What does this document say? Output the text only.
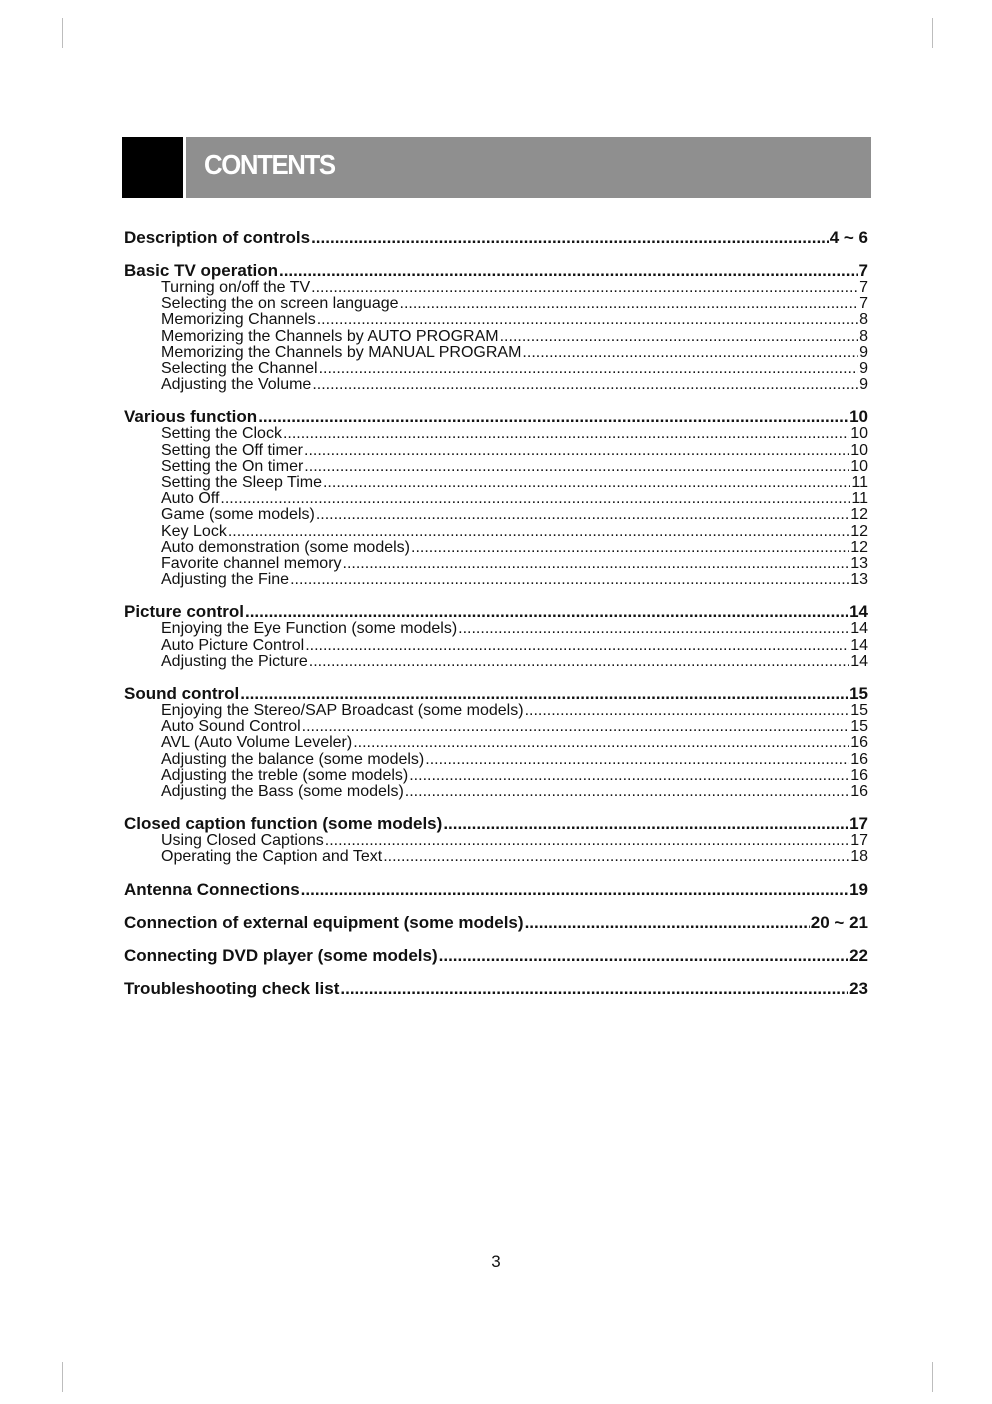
CONTENTS
Description of controls .....	4 ~ 6
Basic TV operation .....	7
Turning on/off the TV .....	7
Selecting the on screen language .....	7
Memorizing Channels .....	8
Memorizing the Channels by AUTO PROGRAM .....	8
Memorizing the Channels by MANUAL PROGRAM .....	9
Selecting the Channel .....	9
Adjusting the Volume .....	9
Various function .....	10
Setting the Clock .....	10
Setting the Off timer .....	10
Setting the On timer .....	10
Setting the Sleep Time .....	11
Auto Off .....	11
Game (some models) .....	12
Key Lock .....	12
Auto demonstration (some models) .....	12
Favorite channel memory .....	13
Adjusting the Fine .....	13
Picture control .....	14
Enjoying the Eye Function (some models) .....	14
Auto Picture Control .....	14
Adjusting the Picture .....	14
Sound control .....	15
Enjoying the Stereo/SAP Broadcast (some models) .....	15
Auto Sound Control .....	15
AVL (Auto Volume Leveler) .....	16
Adjusting the balance (some models) .....	16
Adjusting the treble (some models) .....	16
Adjusting the Bass (some models) .....	16
Closed caption function (some models) .....	17
Using Closed Captions .....	17
Operating the Caption and Text .....	18
Antenna Connections .....	19
Connection of external equipment (some models) .....	20 ~ 21
Connecting DVD player (some models) .....	22
Troubleshooting check list .....	23
3
